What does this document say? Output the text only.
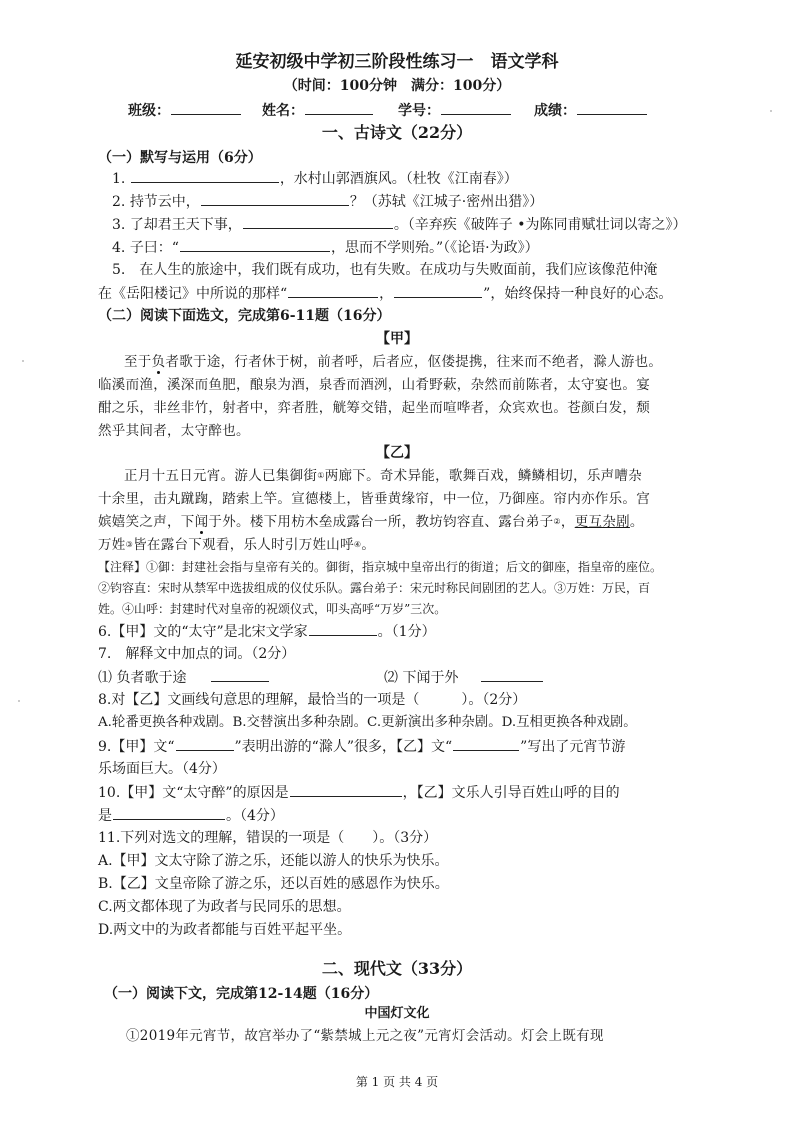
延安初级中学初三阶段性练习一　语文学科
（时间：100分钟　满分：100分）
班级：	姓名：	学号：	成绩：
一、古诗文（22分）
（一）默写与运用（6分）
1.	，水村山郭酒旗风。（杜牧《江南春》）
2. 持节云中，	？（苏轼《江城子·密州出猎》）
3. 了却君王天下事，	。（辛弃疾《破阵子 •为陈同甫赋壮词以寄之》）
4. 子曰：“	，思而不学则殆。”（《论语·为政》）
5.　在人生的旅途中，我们既有成功，也有失败。在成功与失败面前，我们应该像范仲淹
在《岳阳楼记》中所说的那样“	，	”，始终保持一种良好的心态。
（二）阅读下面选文，完成第6-11题（16分）
【甲】
至于负者歌于途，行者休于树，前者呼，后者应，伛偻提携，往来而不绝者，滁人游也。
临溪而渔，溪深而鱼肥，酿泉为酒，泉香而酒洌，山肴野蔌，杂然而前陈者，太守宴也。宴
酣之乐，非丝非竹，射者中，弈者胜，觥筹交错，起坐而喧哗者，众宾欢也。苍颜白发，颓
然乎其间者，太守醉也。
【乙】
正月十五日元宵。游人已集御街①两廊下。奇术异能，歌舞百戏，鳞鳞相切，乐声嘈杂
十余里，击丸蹴踘，踏索上竿。宣德楼上，皆垂黄缘帘，中一位，乃御座。帘内亦作乐。宫
嫔嬉笑之声，下闻于外。楼下用枋木垒成露台一所，教坊钧容直、露台弟子②，更互杂剧。
万姓③皆在露台下观看，乐人时引万姓山呼④。
【注释】①御：封建社会指与皇帝有关的。御街，指京城中皇帝出行的街道；后文的御座，指皇帝的座位。
②钧容直：宋时从禁军中选拔组成的仪仗乐队。露台弟子：宋元时称民间剧团的艺人。③万姓：万民，百
姓。④山呼：封建时代对皇帝的祝颂仪式，叩头高呼“万岁”三次。
6.【甲】文的“太守”是北宋文学家	。（1分）
7.　解释文中加点的词。（2分）
⑴ 负者歌于途	⑵ 下闻于外
8.对【乙】文画线句意思的理解，最恰当的一项是（　　　）。（2分）
A.轮番更换各种戏剧。B.交替演出多种杂剧。C.更新演出多种杂剧。D.互相更换各种戏剧。
9.【甲】文“	”表明出游的“滁人”很多，【乙】文“	”写出了元宵节游
乐场面巨大。（4分）
10.【甲】文“太守醉”的原因是	，【乙】文乐人引导百姓山呼的目的
是	。（4分）
11.下列对选文的理解，错误的一项是（　　）。（3分）
A.【甲】文太守除了游之乐，还能以游人的快乐为快乐。
B.【乙】文皇帝除了游之乐，还以百姓的感恩作为快乐。
C.两文都体现了为政者与民同乐的思想。
D.两文中的为政者都能与百姓平起平坐。
二、现代文（33分）
（一）阅读下文，完成第12-14题（16分）
中国灯文化
①2019年元宵节，故宫举办了“紫禁城上元之夜”元宵灯会活动。灯会上既有现
第 1 页 共 4 页
